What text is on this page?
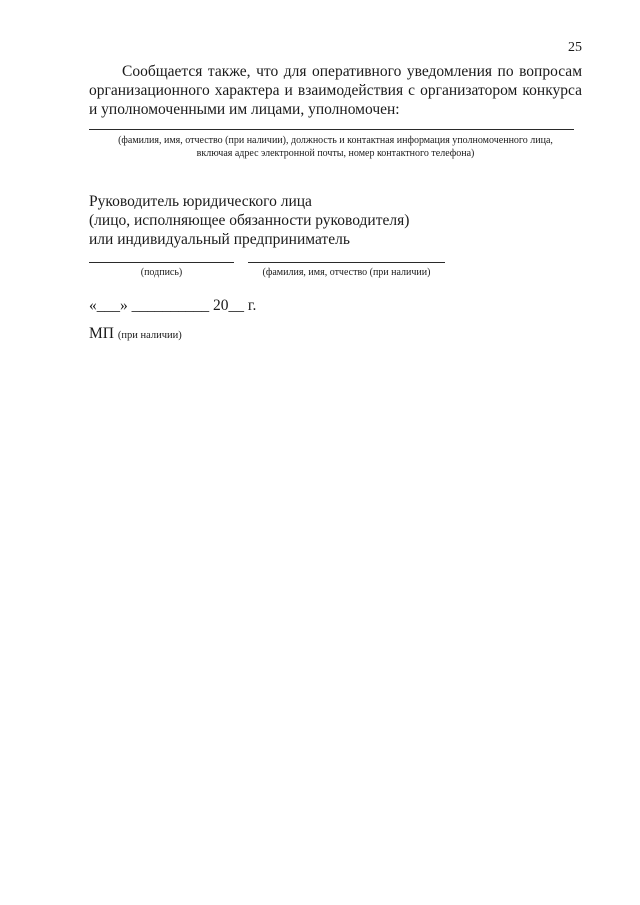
25

Сообщается также, что для оперативного уведомления по вопросам организационного характера и взаимодействия с организатором конкурса и уполномоченными им лицами, уполномочен:

(фамилия, имя, отчество (при наличии), должность и контактная информация уполномоченного лица,
включая адрес электронной почты, номер контактного телефона)
Руководитель юридического лица
(лицо, исполняющее обязанности руководителя)
или индивидуальный предприниматель
(подпись)	(фамилия, имя, отчество (при наличии)
«___» __________ 20__ г.
МП (при наличии)
